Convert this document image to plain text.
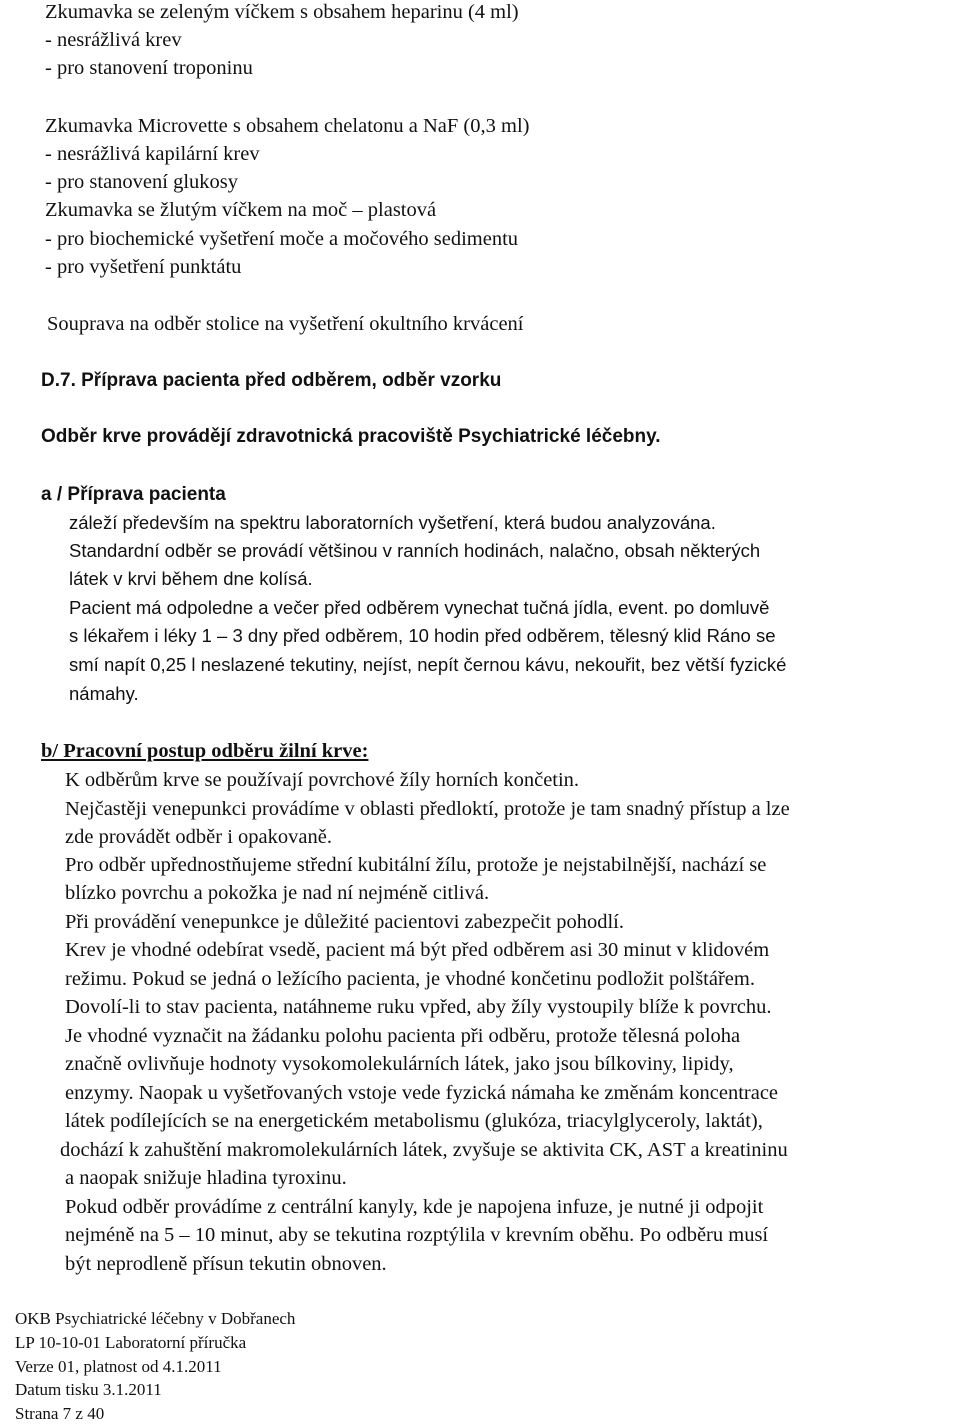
Zkumavka se zeleným víčkem s obsahem heparinu (4 ml)
- nesrážlivá krev
- pro stanovení troponinu
Zkumavka Microvette s obsahem chelatonu a NaF (0,3 ml)
- nesrážlivá kapilární krev
- pro stanovení glukosy
Zkumavka se žlutým víčkem na moč – plastová
- pro biochemické vyšetření moče a močového sedimentu
- pro vyšetření punktátu
Souprava na odběr stolice na vyšetření okultního krvácení
D.7. Příprava pacienta před odběrem, odběr vzorku
Odběr krve provádějí zdravotnická pracoviště Psychiatrické léčebny.
a / Příprava pacienta
záleží především na spektru laboratorních vyšetření, která budou analyzována.
Standardní odběr se provádí většinou v ranních hodinách, nalačno, obsah některých
látek v krvi během dne kolísá.
Pacient má odpoledne a večer před odběrem vynechat tučná jídla, event. po domluvě
s lékařem i léky 1 – 3 dny před odběrem, 10 hodin před odběrem, tělesný klid Ráno se
smí napít 0,25 l neslazené tekutiny, nejíst, nepít černou kávu, nekouřit, bez větší fyzické
námahy.
b/ Pracovní postup odběru žilní krve:
K odběrům krve se používají povrchové žíly horních končetin.
Nejčastěji venepunkci provádíme v oblasti předloktí, protože je tam snadný přístup a lze
zde provádět odběr i opakovaně.
Pro odběr upřednostňujeme střední kubitální žílu, protože je nejstabilnější, nachází se
blízko povrchu a pokožka je nad ní nejméně citlivá.
Při provádění venepunkce je důležité pacientovi zabezpečit pohodlí.
Krev je vhodné odebírat vsedě, pacient má být před odběrem asi 30 minut v klidovém
režimu. Pokud se jedná o ležícího pacienta, je vhodné končetinu podložit polštářem.
Dovolí-li to stav pacienta, natáhneme ruku vpřed, aby žíly vystoupily blíže k povrchu.
Je vhodné vyznačit na žádanku polohu pacienta při odběru, protože tělesná poloha
značně ovlivňuje hodnoty vysokomolekulárních látek, jako jsou bílkoviny, lipidy,
enzymy. Naopak u vyšetřovaných vstoje vede fyzická námaha ke změnám koncentrace
látek podílejících se na energetickém metabolismu (glukóza, triacylglyceroly, laktát),
dochází k zahuštění makromolekulárních látek, zvyšuje se aktivita CK, AST a kreatininu
a naopak snižuje hladina tyroxinu.
Pokud odběr provádíme z centrální kanyly, kde je napojena infuze, je nutné ji odpojit
nejméně na 5 – 10 minut, aby se tekutina rozptýlila v krevním oběhu. Po odběru musí
být neprodleně přísun tekutin obnoven.
OKB Psychiatrické léčebny v Dobřanech
LP 10-10-01 Laboratorní příručka
Verze 01, platnost od 4.1.2011
Datum tisku 3.1.2011
Strana 7 z 40
